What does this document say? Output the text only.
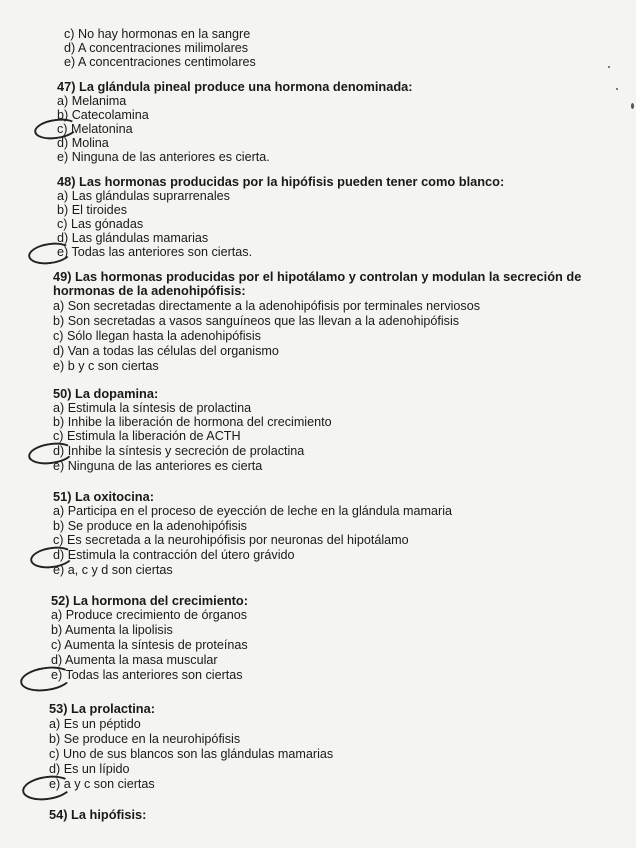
c) No hay hormonas en la sangre
d) A concentraciones milimolares
e) A concentraciones centimolares
47) La glándula pineal produce una hormona denominada:
a) Melanima
b) Catecolamina
c) Melatonina
d) Molina
e) Ninguna de las anteriores es cierta.
48) Las hormonas producidas por la hipófisis pueden tener como blanco:
a) Las glándulas suprarrenales
b) El tiroides
c) Las gónadas
d) Las glándulas mamarias
e) Todas las anteriores son ciertas.
49) Las hormonas producidas por el hipotálamo y controlan y modulan la secreción de
hormonas de la adenohipófisis:
a) Son secretadas directamente a la adenohipófisis por terminales nerviosos
b) Son secretadas a vasos sanguíneos que las llevan a la adenohipófisis
c) Sólo llegan hasta la adenohipófisis
d) Van a todas las células del organismo
e) b y c son ciertas
50) La dopamina:
a) Estimula la síntesis de prolactina
b) Inhibe la liberación de hormona del crecimiento
c) Estimula la liberación de ACTH
d) Inhibe la síntesis y secreción de prolactina
e) Ninguna de las anteriores es cierta
51) La oxitocina:
a) Participa en el proceso de eyección de leche en la glándula mamaria
b) Se produce en la adenohipófisis
c) Es secretada a la neurohipófisis por neuronas del hipotálamo
d) Estimula la contracción del útero grávido
e) a, c y d son ciertas
52) La hormona del crecimiento:
a) Produce crecimiento de órganos
b) Aumenta la lipolisis
c) Aumenta la síntesis de proteínas
d) Aumenta la masa muscular
e) Todas las anteriores son ciertas
53) La prolactina:
a) Es un péptido
b) Se produce en la neurohipófisis
c) Uno de sus blancos son las glándulas mamarias
d) Es un lípido
e) a y c son ciertas
54) La hipófisis:
